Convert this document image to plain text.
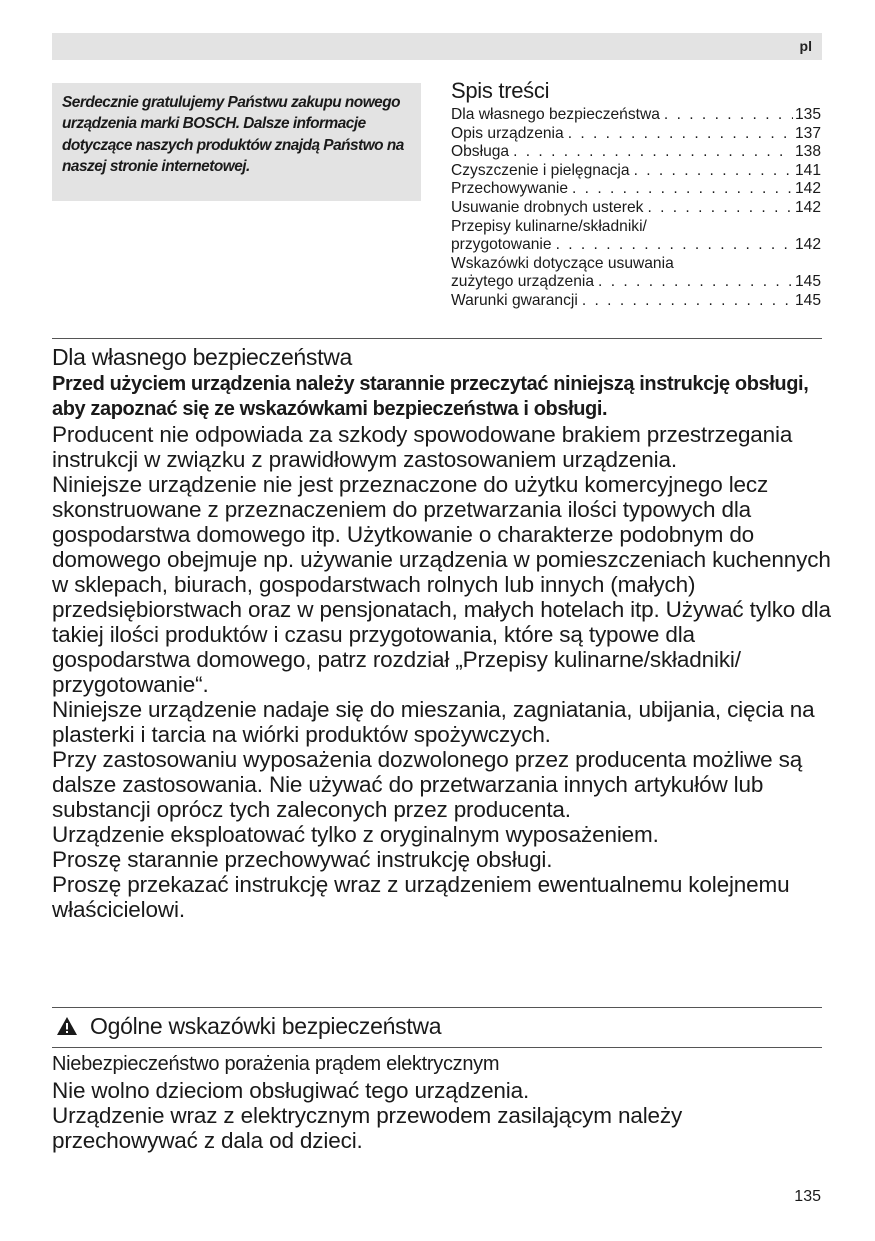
pl

Serdecznie gratulujemy Państwu zakupu nowego urządzenia marki BOSCH. Dalsze informacje dotyczące naszych produktów znajdą Państwo na naszej stronie internetowej.

Spis treści
Dla własnego bezpieczeństwa . . .	135
Opis urządzenia . . .	137
Obsługa . . .	138
Czyszczenie i pielęgnacja . . .	141
Przechowywanie . . .	142
Usuwanie drobnych usterek . . .	142
Przepisy kulinarne/składniki/
przygotowanie . . .	142
Wskazówki dotyczące usuwania
zużytego urządzenia . . .	145
Warunki gwarancji . . .	145
Dla własnego bezpieczeństwa
Przed użyciem urządzenia należy starannie przeczytać niniejszą instrukcję obsługi, aby zapoznać się ze wskazówkami bezpieczeństwa i obsługi.

Producent nie odpowiada za szkody spowodowane brakiem przestrzegania instrukcji w związku z prawidłowym zastosowaniem urządzenia.

Niniejsze urządzenie nie jest przeznaczone do użytku komercyjnego lecz skonstruowane z przeznaczeniem do przetwarzania ilości typowych dla gospodarstwa domowego itp. Użytkowanie o charakterze podobnym do domowego obejmuje np. używanie urządzenia w pomieszczeniach kuchennych w sklepach, biurach, gospodarstwach rolnych lub innych (małych) przedsiębiorstwach oraz w pensjonatach, małych hotelach itp. Używać tylko dla takiej ilości produktów i czasu przygotowania, które są typowe dla gospodarstwa domowego, patrz rozdział „Przepisy kulinarne/składniki/ przygotowanie“.

Niniejsze urządzenie nadaje się do mieszania, zagniatania, ubijania, cięcia na plasterki i tarcia na wiórki produktów spożywczych.

Przy zastosowaniu wyposażenia dozwolonego przez producenta możliwe są dalsze zastosowania. Nie używać do przetwarzania innych artykułów lub substancji oprócz tych zaleconych przez producenta.

Urządzenie eksploatować tylko z oryginalnym wyposażeniem.

Proszę starannie przechowywać instrukcję obsługi.

Proszę przekazać instrukcję wraz z urządzeniem ewentualnemu kolejnemu właścicielowi.

Ogólne wskazówki bezpieczeństwa
Niebezpieczeństwo porażenia prądem elektrycznym

Nie wolno dzieciom obsługiwać tego urządzenia.

Urządzenie wraz z elektrycznym przewodem zasilającym należy przechowywać z dala od dzieci.

135
